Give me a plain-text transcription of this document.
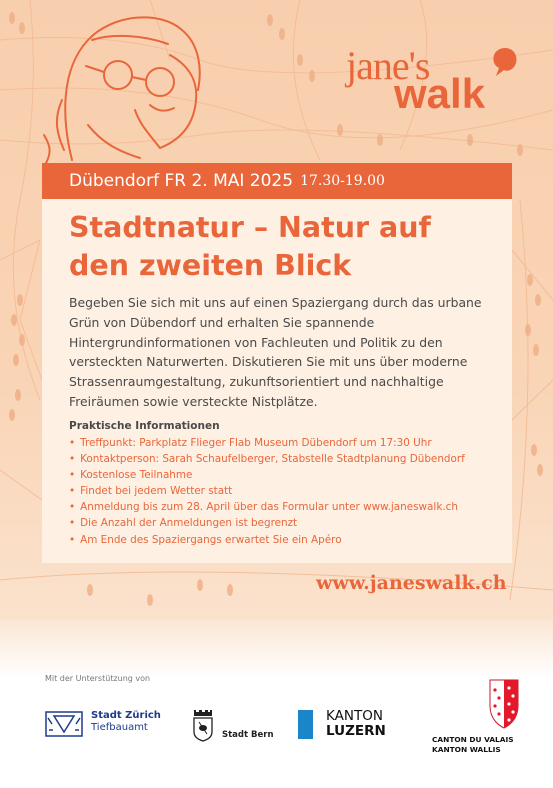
jane's
walk
Dübendorf FR 2. MAI 2025 17.30-19.00
Stadtnatur – Natur auf den zweiten Blick

Begeben Sie sich mit uns auf einen Spaziergang durch das urbane Grün von Dübendorf und erhalten Sie spannende Hintergrundinformationen von Fachleuten und Politik zu den versteckten Naturwerten. Diskutieren Sie mit uns über moderne Strassenraumgestaltung, zukunftsorientiert und nachhaltige Freiräumen sowie versteckte Nistplätze.

Praktische Informationen
• Treffpunkt: Parkplatz Flieger Flab Museum Dübendorf um 17:30 Uhr
• Kontaktperson: Sarah Schaufelberger, Stabstelle Stadtplanung Dübendorf
• Kostenlose Teilnahme
• Findet bei jedem Wetter statt
• Anmeldung bis zum 28. April über das Formular unter www.janeswalk.ch
• Die Anzahl der Anmeldungen ist begrenzt
• Am Ende des Spaziergangs erwartet Sie ein Apéro
www.janeswalk.ch
Mit der Unterstützung von
Stadt Zürich
Tiefbauamt
Stadt Bern
KANTON
LUZERN
CANTON DU VALAIS
KANTON WALLIS
